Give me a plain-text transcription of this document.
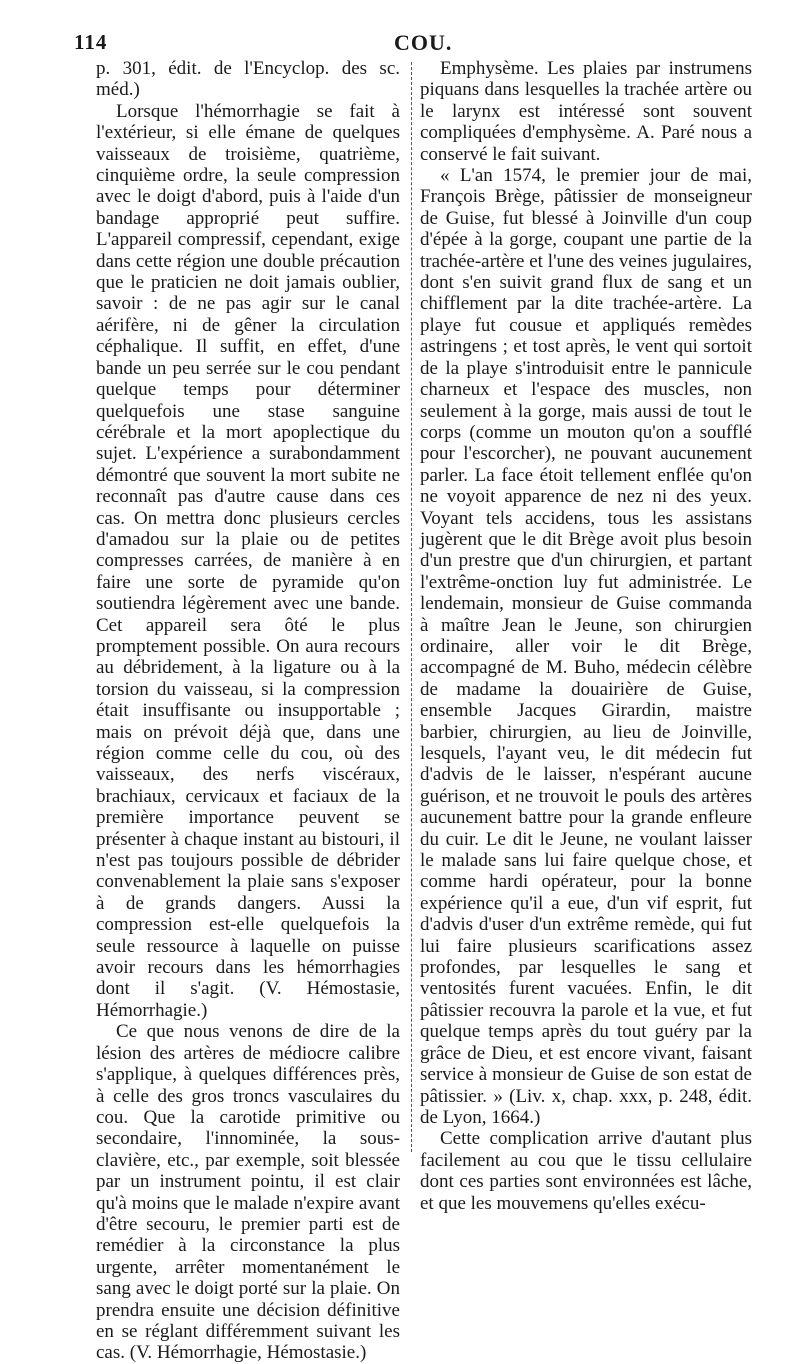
114	COU.

p. 301, édit. de l'Encyclop. des sc. méd.)

Lorsque l'hémorrhagie se fait à l'extérieur, si elle émane de quelques vaisseaux de troisième, quatrième, cinquième ordre, la seule compression avec le doigt d'abord, puis à l'aide d'un bandage approprié peut suffire. L'appareil compressif, cependant, exige dans cette région une double précaution que le praticien ne doit jamais oublier, savoir : de ne pas agir sur le canal aérifère, ni de gêner la circulation céphalique. Il suffit, en effet, d'une bande un peu serrée sur le cou pendant quelque temps pour déterminer quelquefois une stase sanguine cérébrale et la mort apoplectique du sujet. L'expérience a surabondamment démontré que souvent la mort subite ne reconnaît pas d'autre cause dans ces cas. On mettra donc plusieurs cercles d'amadou sur la plaie ou de petites compresses carrées, de manière à en faire une sorte de pyramide qu'on soutiendra légèrement avec une bande. Cet appareil sera ôté le plus promptement possible. On aura recours au débridement, à la ligature ou à la torsion du vaisseau, si la compression était insuffisante ou insupportable ; mais on prévoit déjà que, dans une région comme celle du cou, où des vaisseaux, des nerfs viscéraux, brachiaux, cervicaux et faciaux de la première importance peuvent se présenter à chaque instant au bistouri, il n'est pas toujours possible de débrider convenablement la plaie sans s'exposer à de grands dangers. Aussi la compression est-elle quelquefois la seule ressource à laquelle on puisse avoir recours dans les hémorrhagies dont il s'agit. (V. Hémostasie, Hémorrhagie.)

Ce que nous venons de dire de la lésion des artères de médiocre calibre s'applique, à quelques différences près, à celle des gros troncs vasculaires du cou. Que la carotide primitive ou secondaire, l'innominée, la sous-clavière, etc., par exemple, soit blessée par un instrument pointu, il est clair qu'à moins que le malade n'expire avant d'être secouru, le premier parti est de remédier à la circonstance la plus urgente, arrêter momentanément le sang avec le doigt porté sur la plaie. On prendra ensuite une décision définitive en se réglant différemment suivant les cas. (V. Hémorrhagie, Hémostasie.)

Emphysème. Les plaies par instrumens piquans dans lesquelles la trachée artère ou le larynx est intéressé sont souvent compliquées d'emphysème. A. Paré nous a conservé le fait suivant.

« L'an 1574, le premier jour de mai, François Brège, pâtissier de monseigneur de Guise, fut blessé à Joinville d'un coup d'épée à la gorge, coupant une partie de la trachée-artère et l'une des veines jugulaires, dont s'en suivit grand flux de sang et un chifflement par la dite trachée-artère. La playe fut cousue et appliqués remèdes astringens ; et tost après, le vent qui sortoit de la playe s'introduisit entre le pannicule charneux et l'espace des muscles, non seulement à la gorge, mais aussi de tout le corps (comme un mouton qu'on a soufflé pour l'escorcher), ne pouvant aucunement parler. La face étoit tellement enflée qu'on ne voyoit apparence de nez ni des yeux. Voyant tels accidens, tous les assistans jugèrent que le dit Brège avoit plus besoin d'un prestre que d'un chirurgien, et partant l'extrême-onction luy fut administrée. Le lendemain, monsieur de Guise commanda à maître Jean le Jeune, son chirurgien ordinaire, aller voir le dit Brège, accompagné de M. Buho, médecin célèbre de madame la douairière de Guise, ensemble Jacques Girardin, maistre barbier, chirurgien, au lieu de Joinville, lesquels, l'ayant veu, le dit médecin fut d'advis de le laisser, n'espérant aucune guérison, et ne trouvoit le pouls des artères aucunement battre pour la grande enfleure du cuir. Le dit le Jeune, ne voulant laisser le malade sans lui faire quelque chose, et comme hardi opérateur, pour la bonne expérience qu'il a eue, d'un vif esprit, fut d'advis d'user d'un extrême remède, qui fut lui faire plusieurs scarifications assez profondes, par lesquelles le sang et ventosités furent vacuées. Enfin, le dit pâtissier recouvra la parole et la vue, et fut quelque temps après du tout guéry par la grâce de Dieu, et est encore vivant, faisant service à monsieur de Guise de son estat de pâtissier. » (Liv. x, chap. xxx, p. 248, édit. de Lyon, 1664.)

Cette complication arrive d'autant plus facilement au cou que le tissu cellulaire dont ces parties sont environnées est lâche, et que les mouvemens qu'elles exécu-
